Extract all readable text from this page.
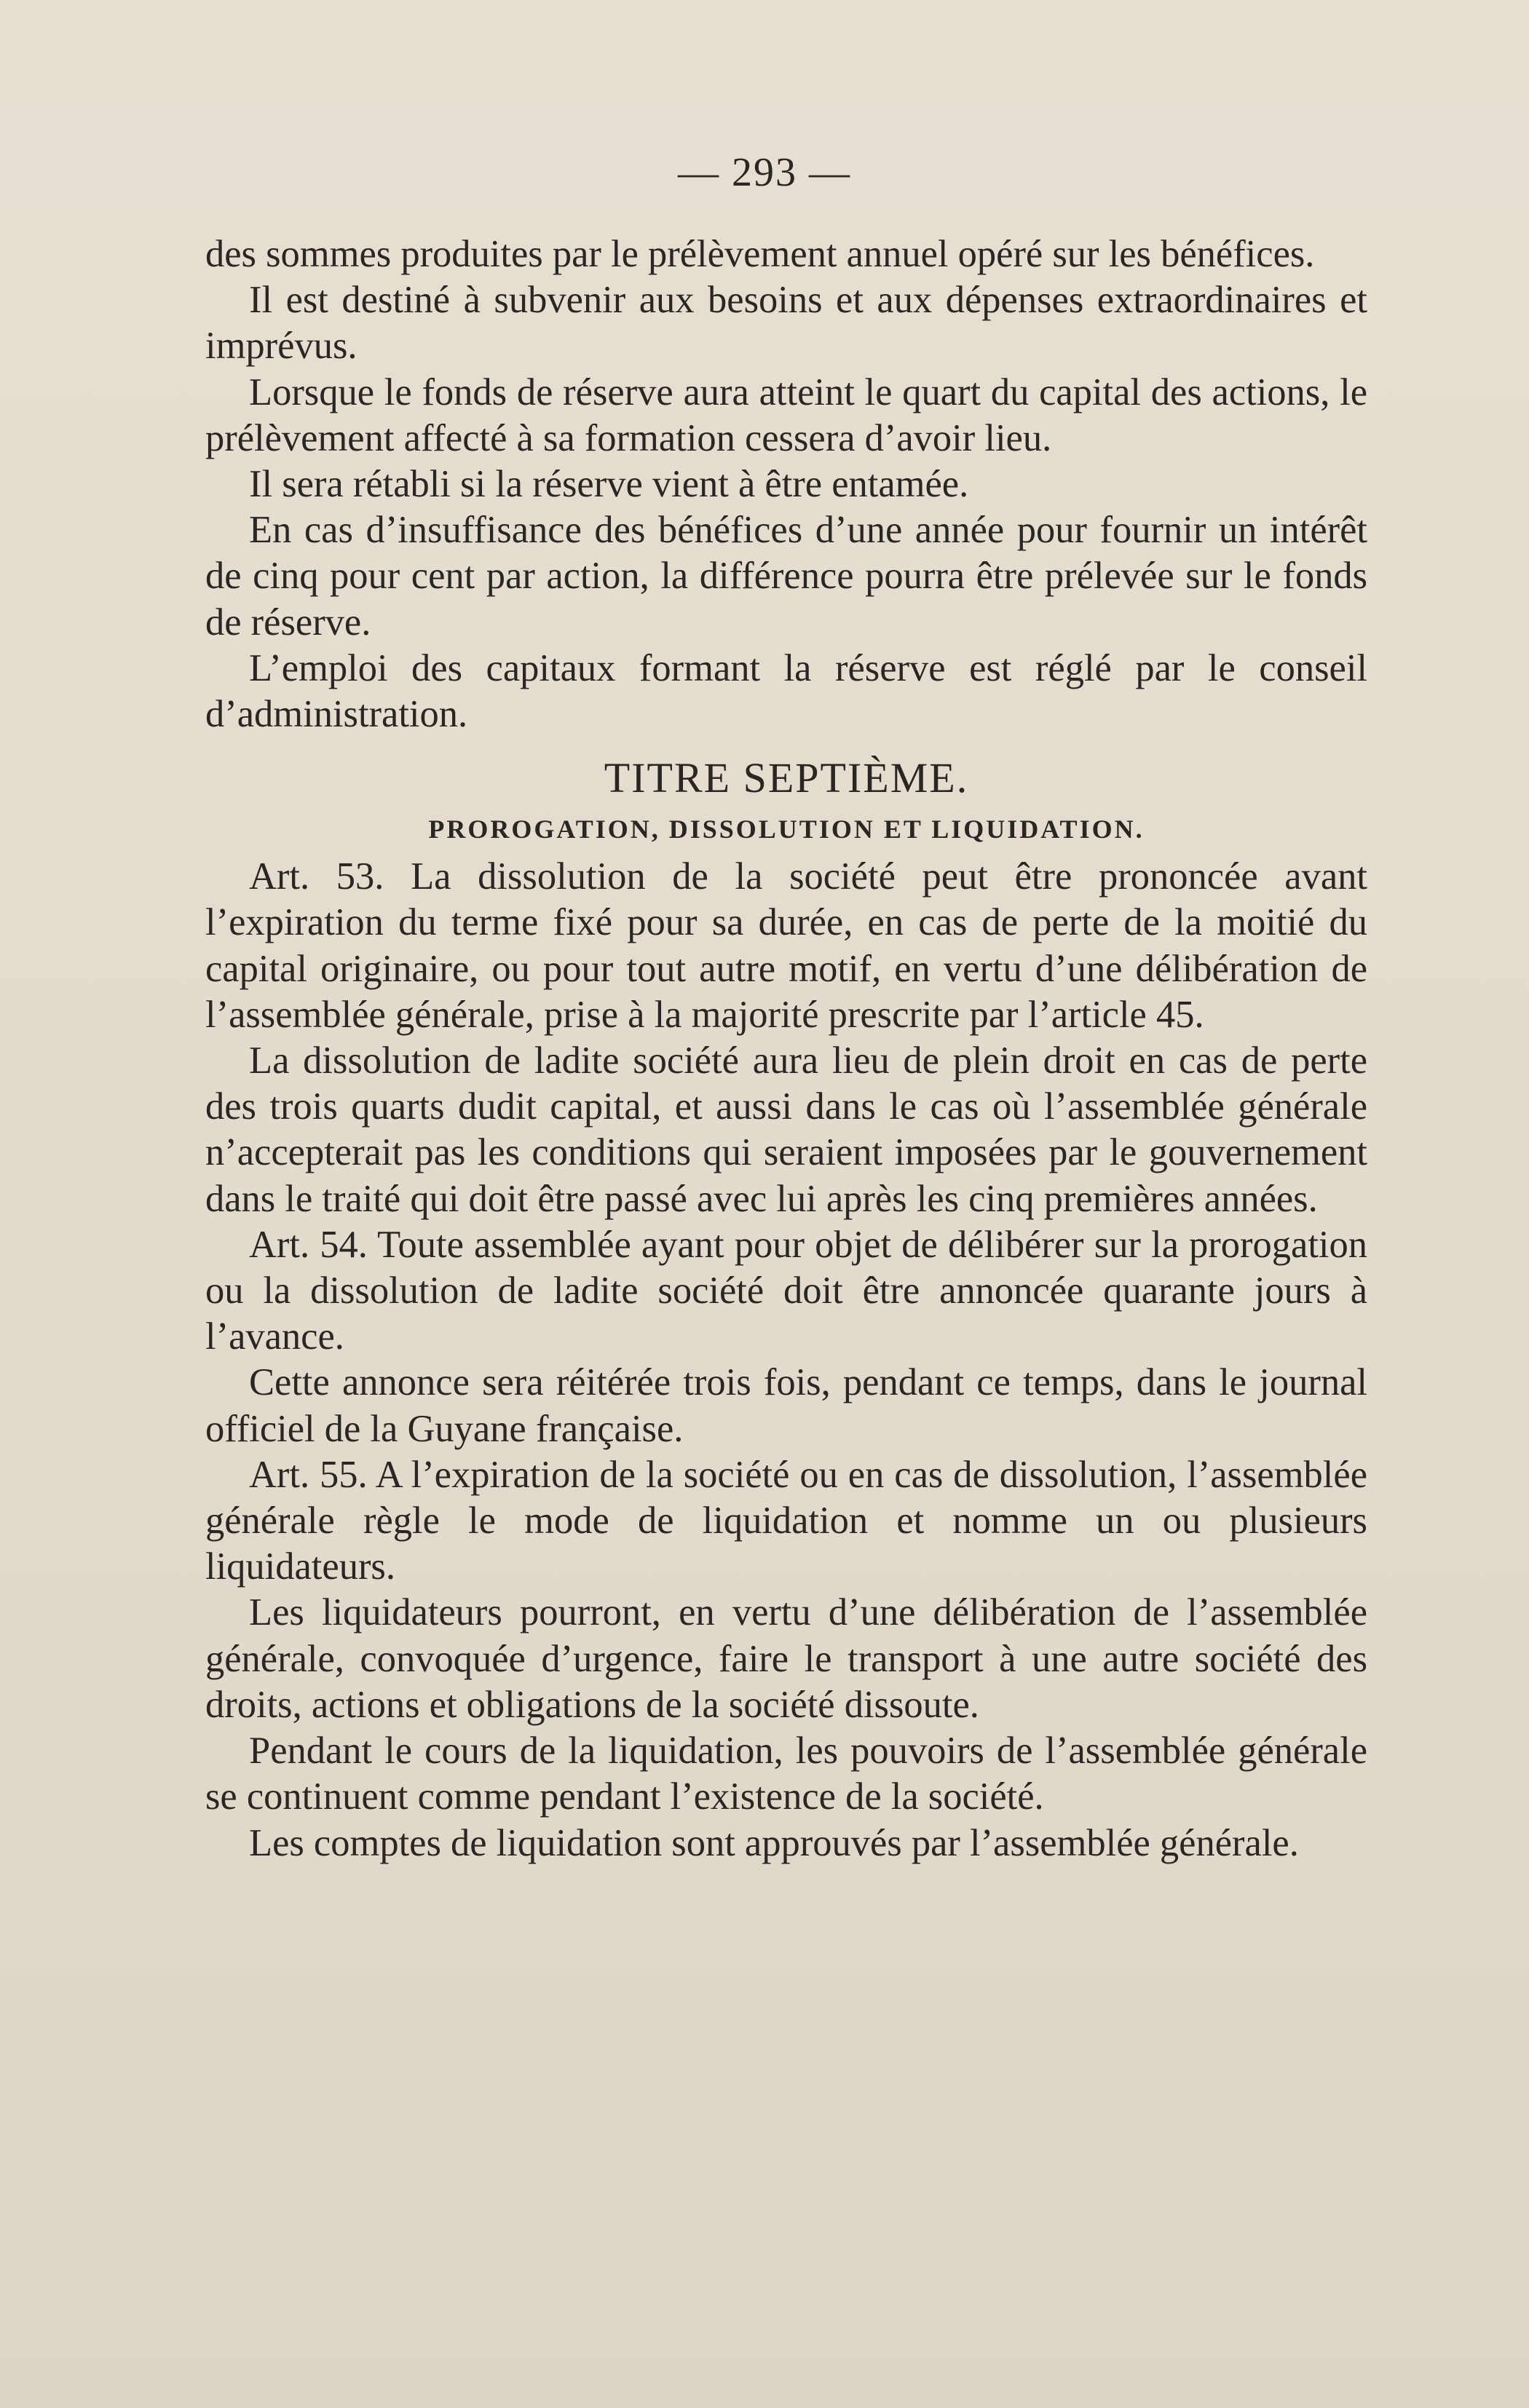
— 293 —

des sommes produites par le prélèvement annuel opéré sur les bénéfices.

Il est destiné à subvenir aux besoins et aux dépenses extraordinaires et imprévus.

Lorsque le fonds de réserve aura atteint le quart du capital des actions, le prélèvement affecté à sa formation cessera d’avoir lieu.

Il sera rétabli si la réserve vient à être entamée.

En cas d’insuffisance des bénéfices d’une année pour fournir un intérêt de cinq pour cent par action, la différence pourra être prélevée sur le fonds de réserve.

L’emploi des capitaux formant la réserve est réglé par le conseil d’administration.

TITRE SEPTIÈME.
PROROGATION, DISSOLUTION ET LIQUIDATION.

Art. 53. La dissolution de la société peut être prononcée avant l’expiration du terme fixé pour sa durée, en cas de perte de la moitié du capital originaire, ou pour tout autre motif, en vertu d’une délibération de l’assemblée générale, prise à la majorité prescrite par l’article 45.

La dissolution de ladite société aura lieu de plein droit en cas de perte des trois quarts dudit capital, et aussi dans le cas où l’assemblée générale n’accepterait pas les conditions qui seraient imposées par le gouvernement dans le traité qui doit être passé avec lui après les cinq premières années.

Art. 54. Toute assemblée ayant pour objet de délibérer sur la prorogation ou la dissolution de ladite société doit être annoncée quarante jours à l’avance.

Cette annonce sera réitérée trois fois, pendant ce temps, dans le journal officiel de la Guyane française.

Art. 55. A l’expiration de la société ou en cas de dissolution, l’assemblée générale règle le mode de liquidation et nomme un ou plusieurs liquidateurs.

Les liquidateurs pourront, en vertu d’une délibération de l’assemblée générale, convoquée d’urgence, faire le transport à une autre société des droits, actions et obligations de la société dissoute.

Pendant le cours de la liquidation, les pouvoirs de l’assemblée générale se continuent comme pendant l’existence de la société.

Les comptes de liquidation sont approuvés par l’assemblée générale.
